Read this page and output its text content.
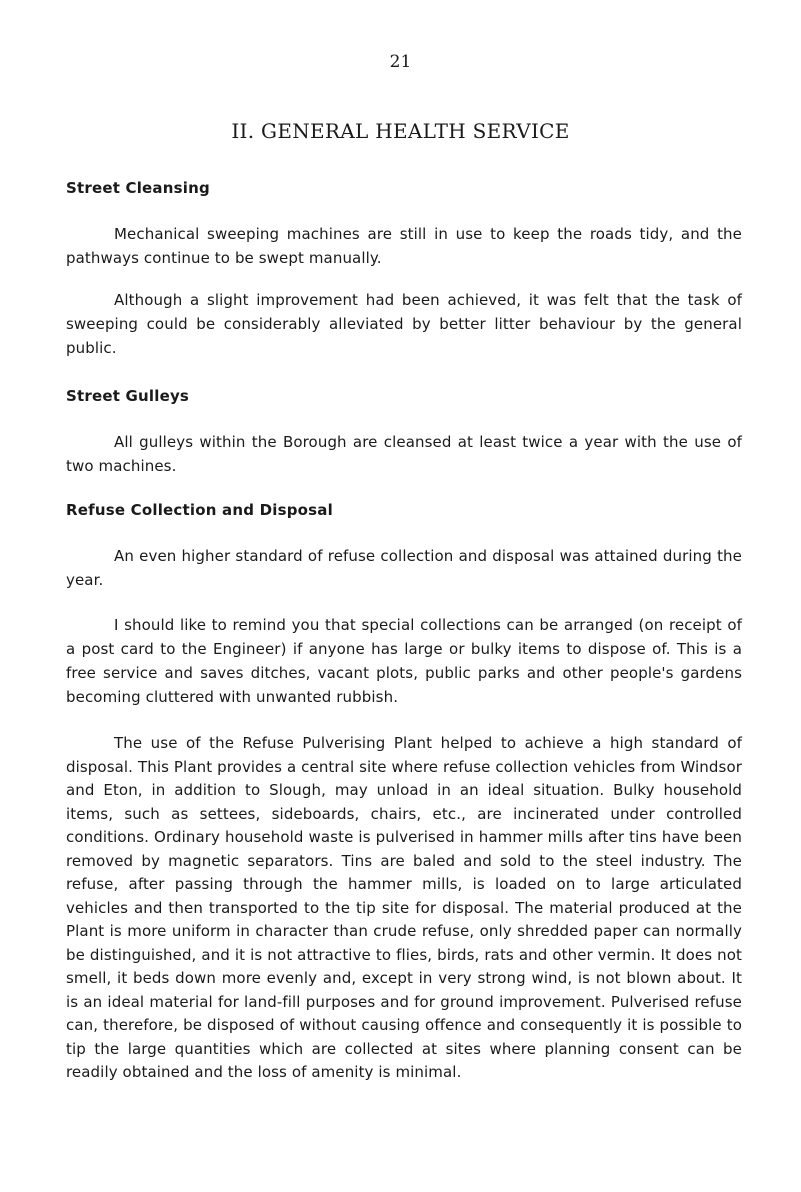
21
II. GENERAL HEALTH SERVICE
Street Cleansing

Mechanical sweeping machines are still in use to keep the roads tidy, and the pathways continue to be swept manually.

Although a slight improvement had been achieved, it was felt that the task of sweeping could be considerably alleviated by better litter behaviour by the general public.

Street Gulleys

All gulleys within the Borough are cleansed at least twice a year with the use of two machines.

Refuse Collection and Disposal

An even higher standard of refuse collection and disposal was attained during the year.

I should like to remind you that special collections can be arranged (on receipt of a post card to the Engineer) if anyone has large or bulky items to dispose of. This is a free service and saves ditches, vacant plots, public parks and other people's gardens becoming cluttered with unwanted rubbish.

The use of the Refuse Pulverising Plant helped to achieve a high standard of disposal. This Plant provides a central site where refuse collection vehicles from Windsor and Eton, in addition to Slough, may unload in an ideal situation. Bulky household items, such as settees, sideboards, chairs, etc., are incinerated under controlled conditions. Ordinary household waste is pulverised in hammer mills after tins have been removed by magnetic separators. Tins are baled and sold to the steel industry. The refuse, after passing through the hammer mills, is loaded on to large articulated vehicles and then transported to the tip site for disposal. The material produced at the Plant is more uniform in character than crude refuse, only shredded paper can normally be distinguished, and it is not attractive to flies, birds, rats and other vermin. It does not smell, it beds down more evenly and, except in very strong wind, is not blown about. It is an ideal material for land-fill purposes and for ground improvement. Pulverised refuse can, therefore, be disposed of without causing offence and consequently it is possible to tip the large quantities which are collected at sites where planning consent can be readily obtained and the loss of amenity is minimal.
